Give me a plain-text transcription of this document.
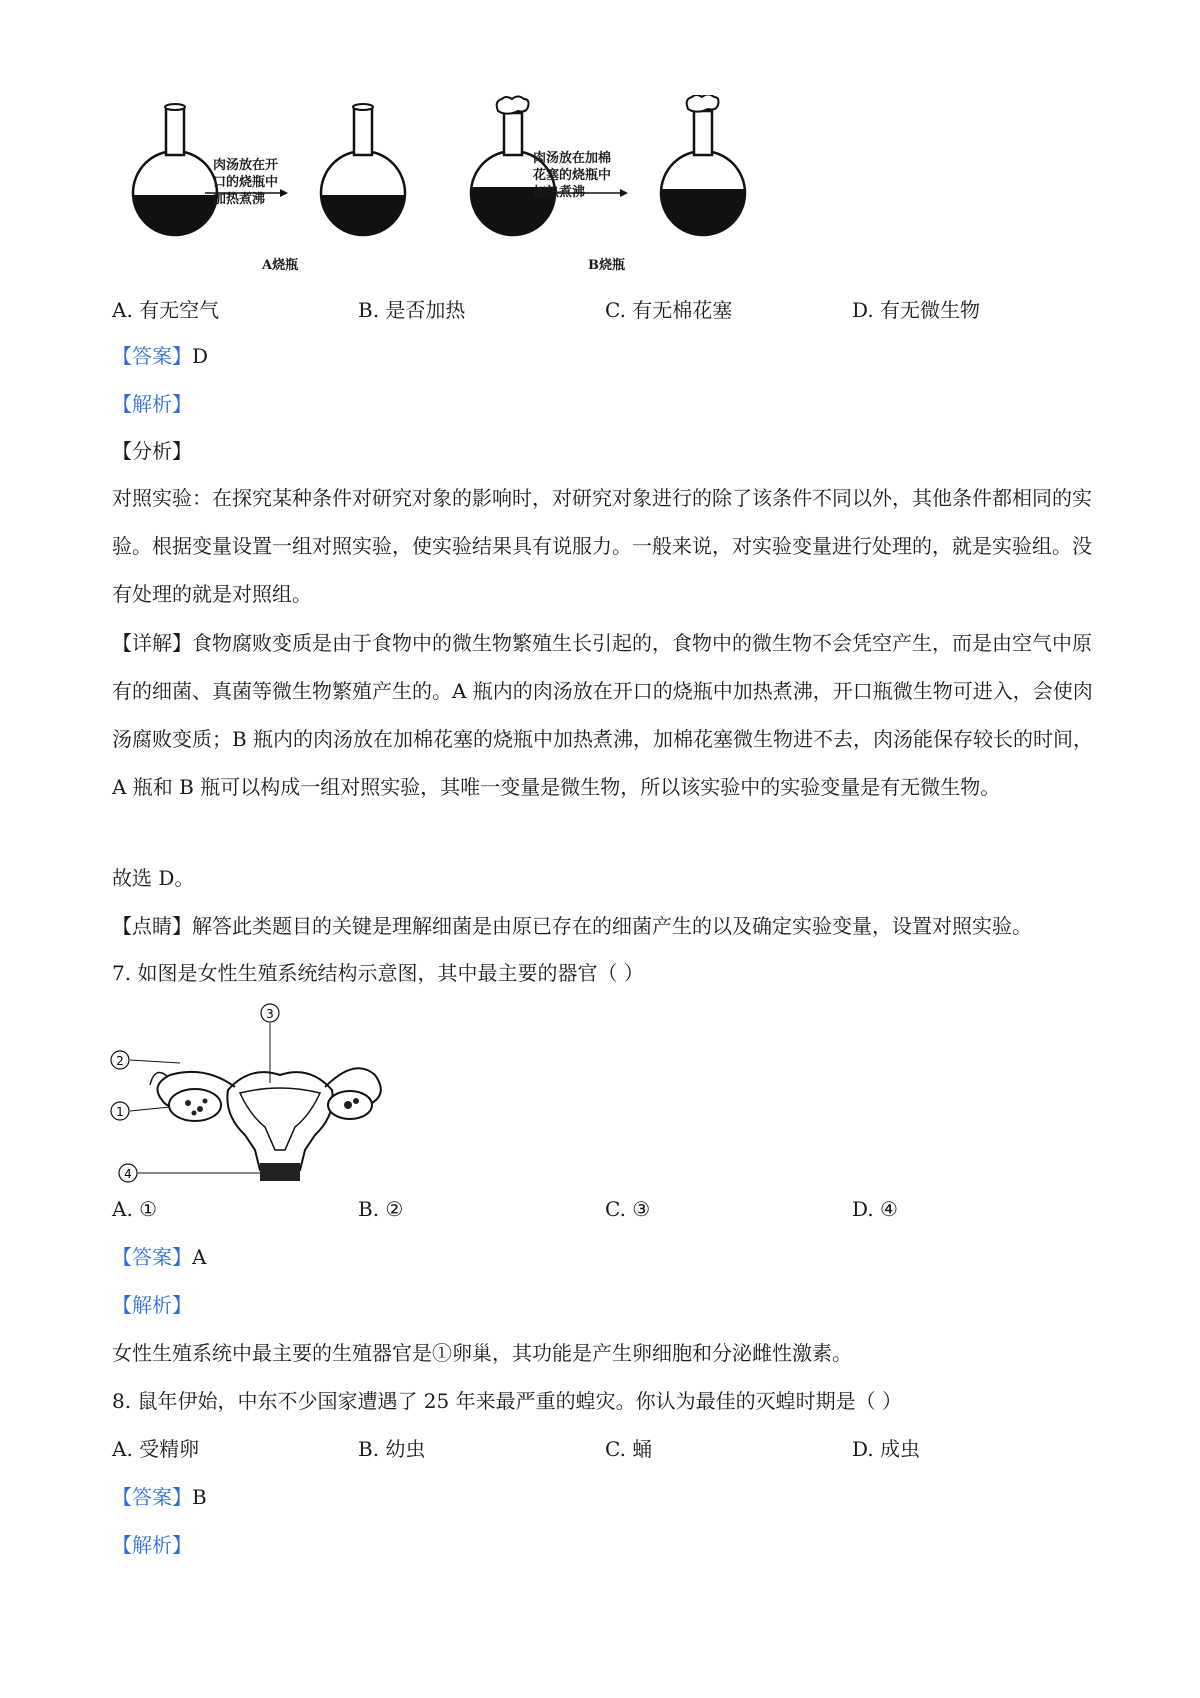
肉汤放在开口的烧瓶中加热煮沸
肉汤放在加棉花塞的烧瓶中加热煮沸
A烧瓶	B烧瓶
A. 有无空气	B. 是否加热	C. 有无棉花塞	D. 有无微生物
【答案】D
【解析】
【分析】
对照实验：在探究某种条件对研究对象的影响时，对研究对象进行的除了该条件不同以外，其他条件都相同的实验。根据变量设置一组对照实验，使实验结果具有说服力。一般来说，对实验变量进行处理的，就是实验组。没有处理的就是对照组。
【详解】食物腐败变质是由于食物中的微生物繁殖生长引起的，食物中的微生物不会凭空产生，而是由空气中原有的细菌、真菌等微生物繁殖产生的。A 瓶内的肉汤放在开口的烧瓶中加热煮沸，开口瓶微生物可进入，会使肉汤腐败变质；B 瓶内的肉汤放在加棉花塞的烧瓶中加热煮沸，加棉花塞微生物进不去，肉汤能保存较长的时间，A 瓶和 B 瓶可以构成一组对照实验，其唯一变量是微生物，所以该实验中的实验变量是有无微生物。
故选 D。
【点睛】解答此类题目的关键是理解细菌是由原已存在的细菌产生的以及确定实验变量，设置对照实验。
7. 如图是女性生殖系统结构示意图，其中最主要的器官（ ）
2
1
3
4
A. ①	B. ②	C. ③	D. ④
【答案】A
【解析】
女性生殖系统中最主要的生殖器官是①卵巢，其功能是产生卵细胞和分泌雌性激素。
8. 鼠年伊始，中东不少国家遭遇了 25 年来最严重的蝗灾。你认为最佳的灭蝗时期是（ ）
A. 受精卵	B. 幼虫	C. 蛹	D. 成虫
【答案】B
【解析】
